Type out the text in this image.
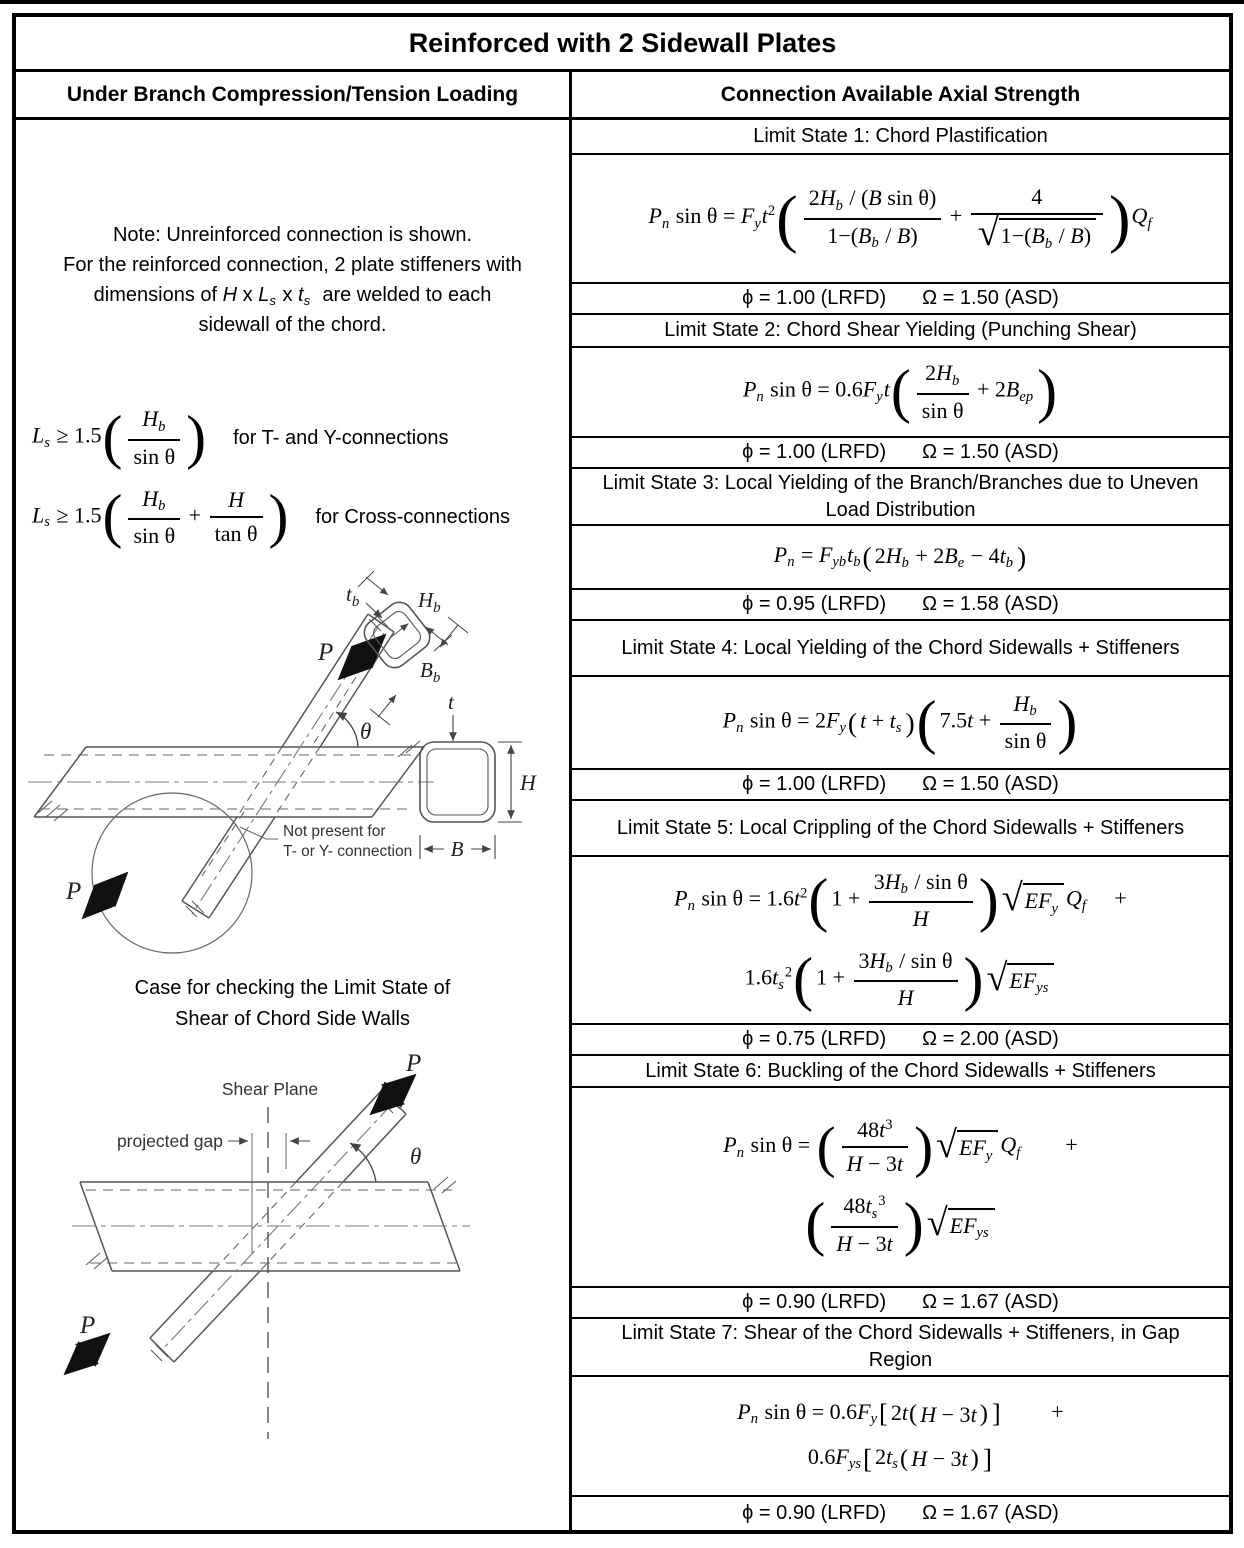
Reinforced with 2 Sidewall Plates
Under Branch Compression/Tension Loading	Connection Available Axial Strength
Note: Unreinforced connection is shown.
For the reinforced connection, 2 plate stiffeners with
dimensions of H x Ls x ts  are welded to each
sidewall of the chord.
Ls ≥ 1.5 ( $\frac{Hb}{\text{sin θ}}$ ) for T- and Y-connections
Ls ≥ 1.5 ( $\frac{Hb}{\text{sin θ}} + \frac{H}{\text{tan θ}}$ ) for Cross-connections
θ
P
$t_b$	$H_b$
$B_b$
t
H
B
P
Not present for
T- or Y- connection
Case for checking the Limit State of
Shear of Chord Side Walls
Shear Plane
projected gap
θ
P
P
Limit State 1: Chord Plastification
Pn sin θ = Fyt$^2$ ( $\frac{\text{2Hb / (B sin θ)}}{1-(Bb / B)} + \frac{4}{√ 1-(Bb / B)}$ ) Qf
ϕ = 1.00 (LRFD) Ω = 1.50 (ASD)
Limit State 2: Chord Shear Yielding (Punching Shear)
Pn sin θ = 0.6Fyt ( $\frac{2Hb}{\text{sin θ}} + 2Bep$ )
ϕ = 1.00 (LRFD) Ω = 1.50 (ASD)
Limit State 3: Local Yielding of the Branch/Branches due to Uneven Load Distribution
Pn = Fybtb ( 2Hb + 2Be − 4tb )
ϕ = 0.95 (LRFD) Ω = 1.58 (ASD)
Limit State 4: Local Yielding of the Chord Sidewalls + Stiffeners
Pn sin θ = 2Fy ( t + ts ) ( $7.5t + \frac{Hb}{\text{sin θ}}$ )
ϕ = 1.00 (LRFD) Ω = 1.50 (ASD)
Limit State 5: Local Crippling of the Chord Sidewalls + Stiffeners
Pn $\sin \theta = 1.6t^2$ ( $1 + \frac{\text{3Hb / sin θ}}{H}$ ) √ EFy Qf     +
$1.6ts^2$ ( $1 + \frac{\text{3Hb / sin θ}}{H}$ ) √ EFys
ϕ = 0.75 (LRFD) Ω = 2.00 (ASD)
Limit State 6: Buckling of the Chord Sidewalls + Stiffeners
Pn sin θ = ( $\frac{48t^3}{H - 3t}$ ) √ EFy Qf        +
( $\frac{48ts^3}{H - 3t}$ ) √ EFys
ϕ = 0.90 (LRFD) Ω = 1.67 (ASD)
Limit State 7: Shear of the Chord Sidewalls + Stiffeners, in Gap Region
Pn sin θ = 0.6Fy [ 2t ( H − 3t ) ] +
0.6Fys [ 2ts ( H − 3t ) ]
ϕ = 0.90 (LRFD) Ω = 1.67 (ASD)
